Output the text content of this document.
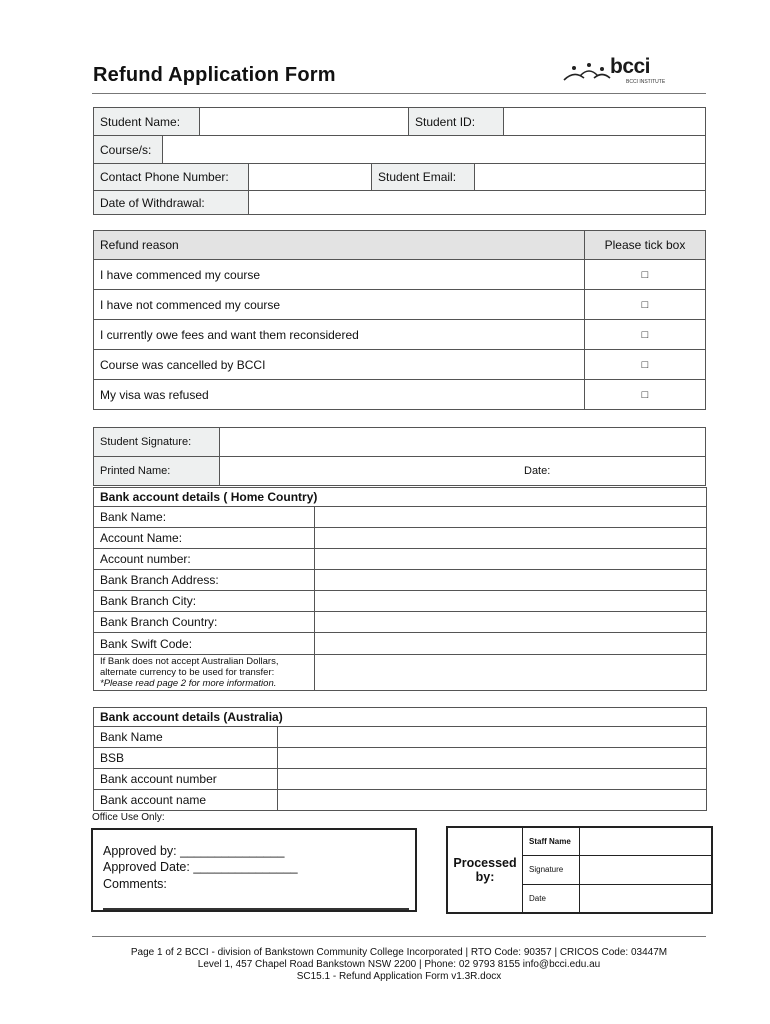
Refund Application Form	bcci
BCCI INSTITUTE
Student Name:		Student ID:	
Course/s:	
Contact Phone Number:		Student Email:	
Date of Withdrawal:			
Refund reason	Please tick box
I have commenced my course	□
I have not commenced my course	□
I currently owe fees and want them reconsidered	□
Course was cancelled by BCCI	□
My visa was refused	□
Student Signature:	
Printed Name:	Date:
Bank account details ( Home Country)	
Bank Name:	
Account Name:	
Account number:	
Bank Branch Address:	
Bank Branch City:	
Bank Branch Country:	
Bank Swift Code:	

If Bank does not accept Australian Dollars,
alternate currency to be used for transfer:
*Please read page 2 for more information.	

Bank account details (Australia)	
Bank Name	
BSB	
Bank account number	
Bank account name	
Office Use Only:
Approved by: _______________
Approved Date: _______________
Comments:
Processed by:	Staff Name	
	Signature	
	Date	
Page 1 of 2 BCCI - division of Bankstown Community College Incorporated | RTO Code: 90357 | CRICOS Code: 03447M
Level 1, 457 Chapel Road Bankstown NSW 2200 | Phone: 02 9793 8155 info@bcci.edu.au
SC15.1 - Refund Application Form v1.3R.docx
